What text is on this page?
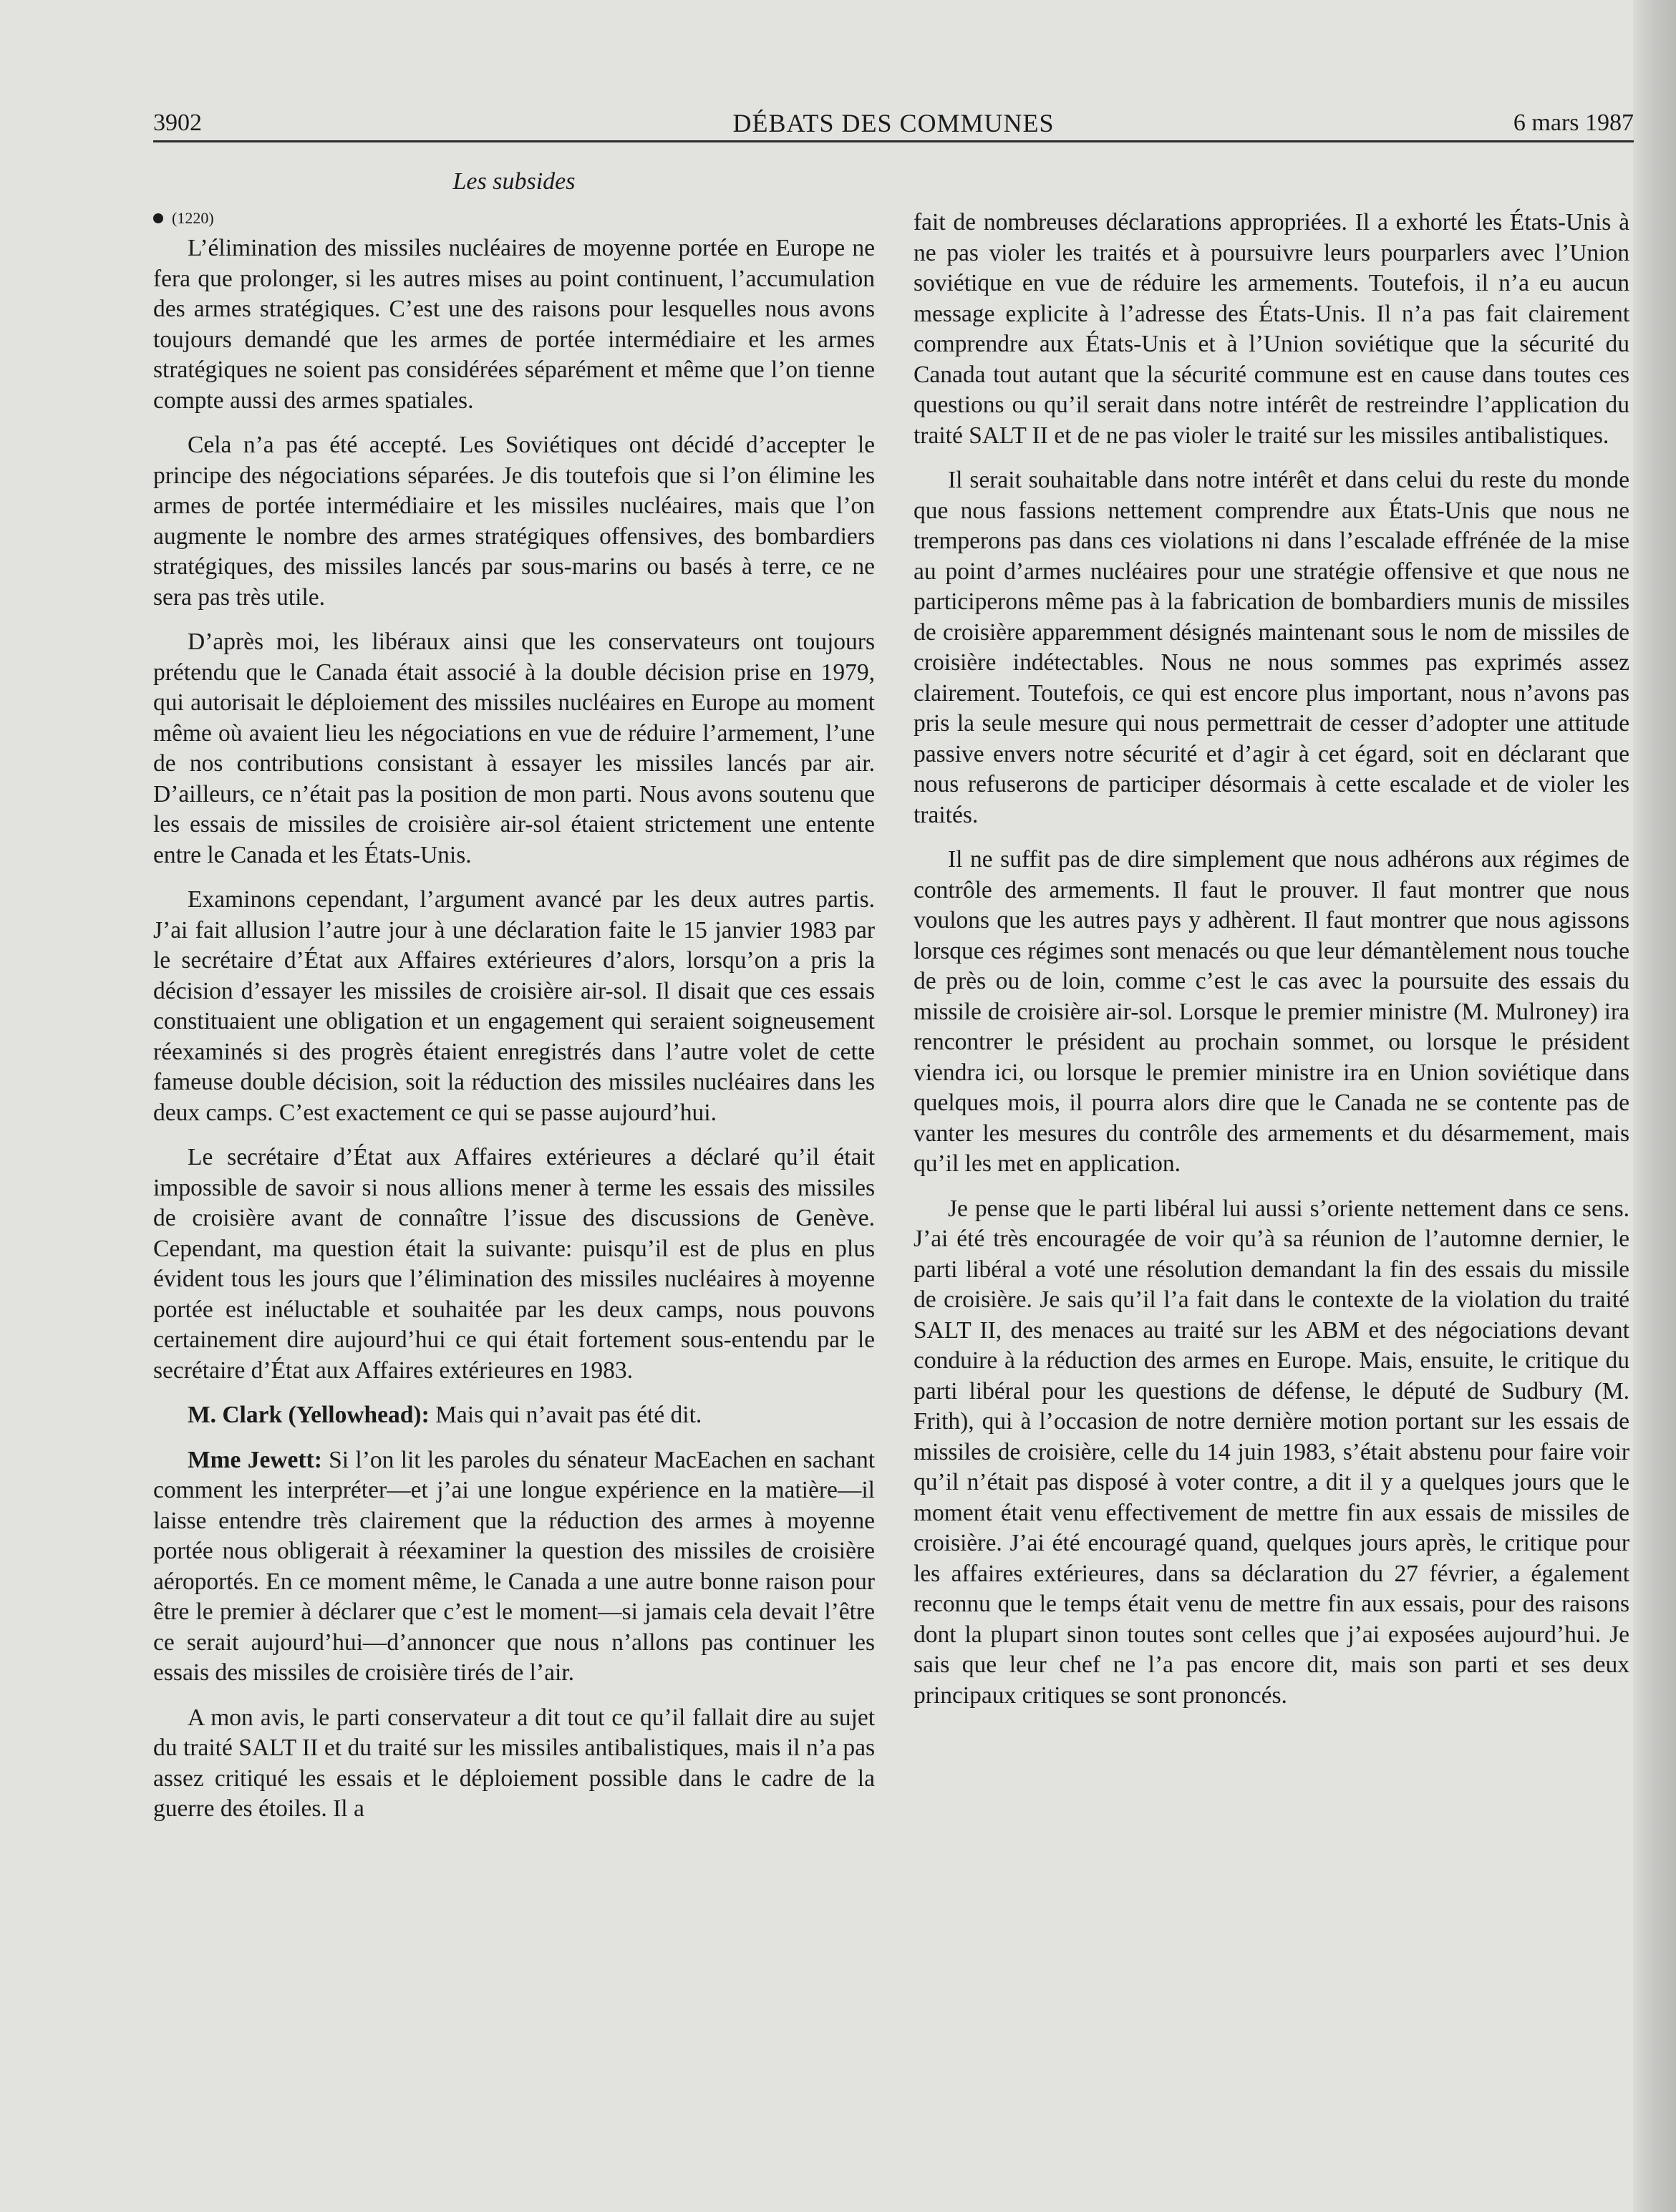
3902	DÉBATS DES COMMUNES	6 mars 1987
Les subsides
(1220)

L’élimination des missiles nucléaires de moyenne portée en Europe ne fera que prolonger, si les autres mises au point continuent, l’accumulation des armes stratégiques. C’est une des raisons pour lesquelles nous avons toujours demandé que les armes de portée intermédiaire et les armes stratégiques ne soient pas considérées séparément et même que l’on tienne compte aussi des armes spatiales.

Cela n’a pas été accepté. Les Soviétiques ont décidé d’accepter le principe des négociations séparées. Je dis toutefois que si l’on élimine les armes de portée intermédiaire et les missiles nucléaires, mais que l’on augmente le nombre des armes stratégiques offensives, des bombardiers stratégiques, des missiles lancés par sous-marins ou basés à terre, ce ne sera pas très utile.

D’après moi, les libéraux ainsi que les conservateurs ont toujours prétendu que le Canada était associé à la double décision prise en 1979, qui autorisait le déploiement des missiles nucléaires en Europe au moment même où avaient lieu les négociations en vue de réduire l’armement, l’une de nos contributions consistant à essayer les missiles lancés par air. D’ailleurs, ce n’était pas la position de mon parti. Nous avons soutenu que les essais de missiles de croisière air-sol étaient strictement une entente entre le Canada et les États-Unis.

Examinons cependant, l’argument avancé par les deux autres partis. J’ai fait allusion l’autre jour à une déclaration faite le 15 janvier 1983 par le secrétaire d’État aux Affaires extérieures d’alors, lorsqu’on a pris la décision d’essayer les missiles de croisière air-sol. Il disait que ces essais constituaient une obligation et un engagement qui seraient soigneusement réexaminés si des progrès étaient enregistrés dans l’autre volet de cette fameuse double décision, soit la réduction des missiles nucléaires dans les deux camps. C’est exactement ce qui se passe aujourd’hui.

Le secrétaire d’État aux Affaires extérieures a déclaré qu’il était impossible de savoir si nous allions mener à terme les essais des missiles de croisière avant de connaître l’issue des discussions de Genève. Cependant, ma question était la suivante: puisqu’il est de plus en plus évident tous les jours que l’élimination des missiles nucléaires à moyenne portée est inéluctable et souhaitée par les deux camps, nous pouvons certainement dire aujourd’hui ce qui était fortement sous-entendu par le secrétaire d’État aux Affaires extérieures en 1983.

M. Clark (Yellowhead): Mais qui n’avait pas été dit.

Mme Jewett: Si l’on lit les paroles du sénateur MacEachen en sachant comment les interpréter—et j’ai une longue expérience en la matière—il laisse entendre très clairement que la réduction des armes à moyenne portée nous obligerait à réexaminer la question des missiles de croisière aéroportés. En ce moment même, le Canada a une autre bonne raison pour être le premier à déclarer que c’est le moment—si jamais cela devait l’être ce serait aujourd’hui—d’annoncer que nous n’allons pas continuer les essais des missiles de croisière tirés de l’air.

A mon avis, le parti conservateur a dit tout ce qu’il fallait dire au sujet du traité SALT II et du traité sur les missiles antibalistiques, mais il n’a pas assez critiqué les essais et le déploiement possible dans le cadre de la guerre des étoiles. Il a

fait de nombreuses déclarations appropriées. Il a exhorté les États-Unis à ne pas violer les traités et à poursuivre leurs pourparlers avec l’Union soviétique en vue de réduire les armements. Toutefois, il n’a eu aucun message explicite à l’adresse des États-Unis. Il n’a pas fait clairement comprendre aux États-Unis et à l’Union soviétique que la sécurité du Canada tout autant que la sécurité commune est en cause dans toutes ces questions ou qu’il serait dans notre intérêt de restreindre l’application du traité SALT II et de ne pas violer le traité sur les missiles antibalistiques.

Il serait souhaitable dans notre intérêt et dans celui du reste du monde que nous fassions nettement comprendre aux États-Unis que nous ne tremperons pas dans ces violations ni dans l’escalade effrénée de la mise au point d’armes nucléaires pour une stratégie offensive et que nous ne participerons même pas à la fabrication de bombardiers munis de missiles de croisière apparemment désignés maintenant sous le nom de missiles de croisière indétectables. Nous ne nous sommes pas exprimés assez clairement. Toutefois, ce qui est encore plus important, nous n’avons pas pris la seule mesure qui nous permettrait de cesser d’adopter une attitude passive envers notre sécurité et d’agir à cet égard, soit en déclarant que nous refuserons de participer désormais à cette escalade et de violer les traités.

Il ne suffit pas de dire simplement que nous adhérons aux régimes de contrôle des armements. Il faut le prouver. Il faut montrer que nous voulons que les autres pays y adhèrent. Il faut montrer que nous agissons lorsque ces régimes sont menacés ou que leur démantèlement nous touche de près ou de loin, comme c’est le cas avec la poursuite des essais du missile de croisière air-sol. Lorsque le premier ministre (M. Mulroney) ira rencontrer le président au prochain sommet, ou lorsque le président viendra ici, ou lorsque le premier ministre ira en Union soviétique dans quelques mois, il pourra alors dire que le Canada ne se contente pas de vanter les mesures du contrôle des armements et du désarmement, mais qu’il les met en application.

Je pense que le parti libéral lui aussi s’oriente nettement dans ce sens. J’ai été très encouragée de voir qu’à sa réunion de l’automne dernier, le parti libéral a voté une résolution demandant la fin des essais du missile de croisière. Je sais qu’il l’a fait dans le contexte de la violation du traité SALT II, des menaces au traité sur les ABM et des négociations devant conduire à la réduction des armes en Europe. Mais, ensuite, le critique du parti libéral pour les questions de défense, le député de Sudbury (M. Frith), qui à l’occasion de notre dernière motion portant sur les essais de missiles de croisière, celle du 14 juin 1983, s’était abstenu pour faire voir qu’il n’était pas disposé à voter contre, a dit il y a quelques jours que le moment était venu effectivement de mettre fin aux essais de missiles de croisière. J’ai été encouragé quand, quelques jours après, le critique pour les affaires extérieures, dans sa déclaration du 27 février, a également reconnu que le temps était venu de mettre fin aux essais, pour des raisons dont la plupart sinon toutes sont celles que j’ai exposées aujourd’hui. Je sais que leur chef ne l’a pas encore dit, mais son parti et ses deux principaux critiques se sont prononcés.
